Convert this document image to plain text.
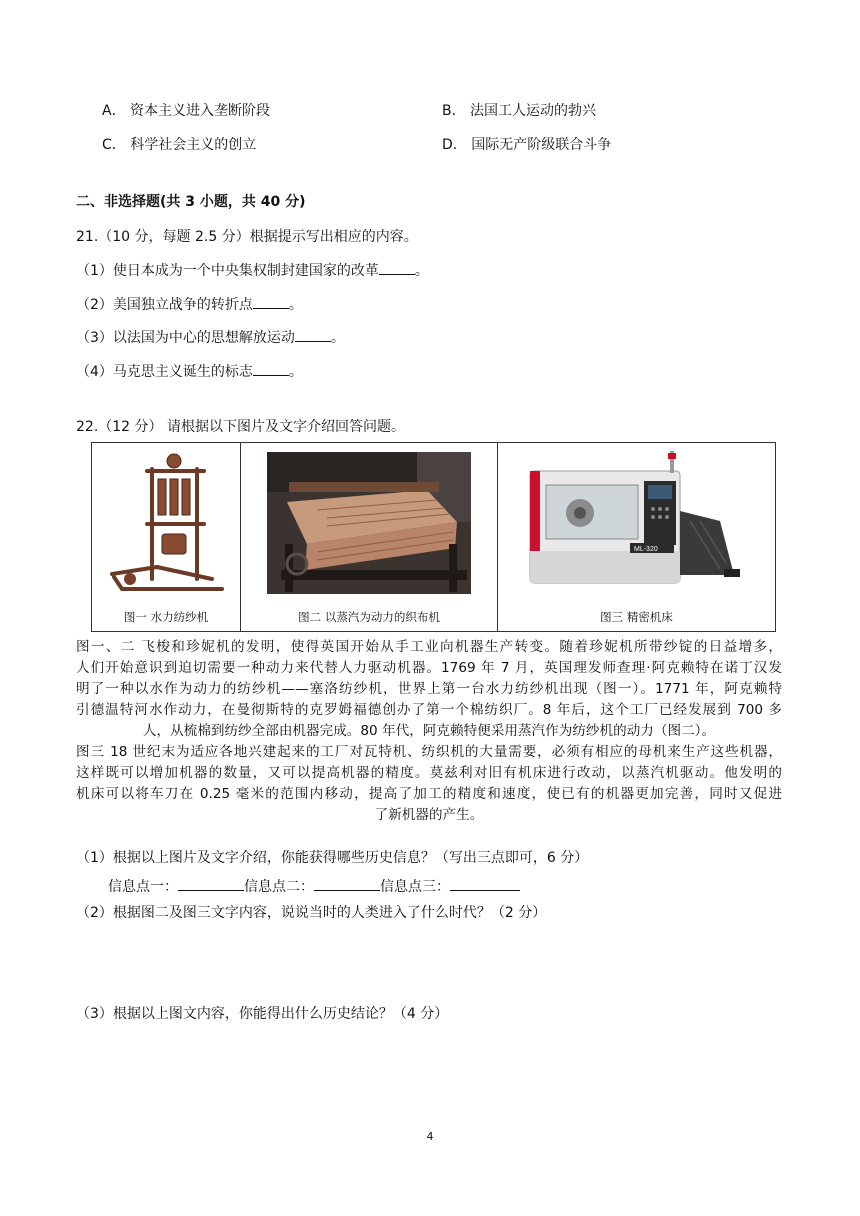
A． 资本主义进入垄断阶段	B． 法国工人运动的勃兴
C． 科学社会主义的创立	D． 国际无产阶级联合斗争
二、非选择题(共 3 小题，共 40 分)
21.（10 分，每题 2.5 分）根据提示写出相应的内容。
（1）使日本成为一个中央集权制封建国家的改革	。
（2）美国独立战争的转折点	。
（3）以法国为中心的思想解放运动	。
（4）马克思主义诞生的标志	。
22.（12 分） 请根据以下图片及文字介绍回答问题。
图一 水力纺纱机	图二 以蒸汽为动力的织布机

ML-320
图三 精密机床
图一、二 飞梭和珍妮机的发明，使得英国开始从手工业向机器生产转变。随着珍妮机所带纱锭的日益增多，
人们开始意识到迫切需要一种动力来代替人力驱动机器。1769 年 7 月，英国理发师查理·阿克赖特在诺丁汉发
明了一种以水作为动力的纺纱机——塞洛纺纱机，世界上第一台水力纺纱机出现（图一）。1771 年，阿克赖特
引德温特河水作动力，在曼彻斯特的克罗姆福德创办了第一个棉纺织厂。8 年后，这个工厂已经发展到 700 多
人，从梳棉到纺纱全部由机器完成。80 年代，阿克赖特便采用蒸汽作为纺纱机的动力（图二）。
图三 18 世纪末为适应各地兴建起来的工厂对瓦特机、纺织机的大量需要，必须有相应的母机来生产这些机器，
这样既可以增加机器的数量，又可以提高机器的精度。莫兹利对旧有机床进行改动，以蒸汽机驱动。他发明的
机床可以将车刀在 0.25 毫米的范围内移动，提高了加工的精度和速度，使已有的机器更加完善，同时又促进
了新机器的产生。
（1）根据以上图片及文字介绍，你能获得哪些历史信息？（写出三点即可，6 分）
信息点一：	信息点二：	信息点三：
（2）根据图二及图三文字内容，说说当时的人类进入了什么时代？（2 分）
（3）根据以上图文内容，你能得出什么历史结论？（4 分）
4
